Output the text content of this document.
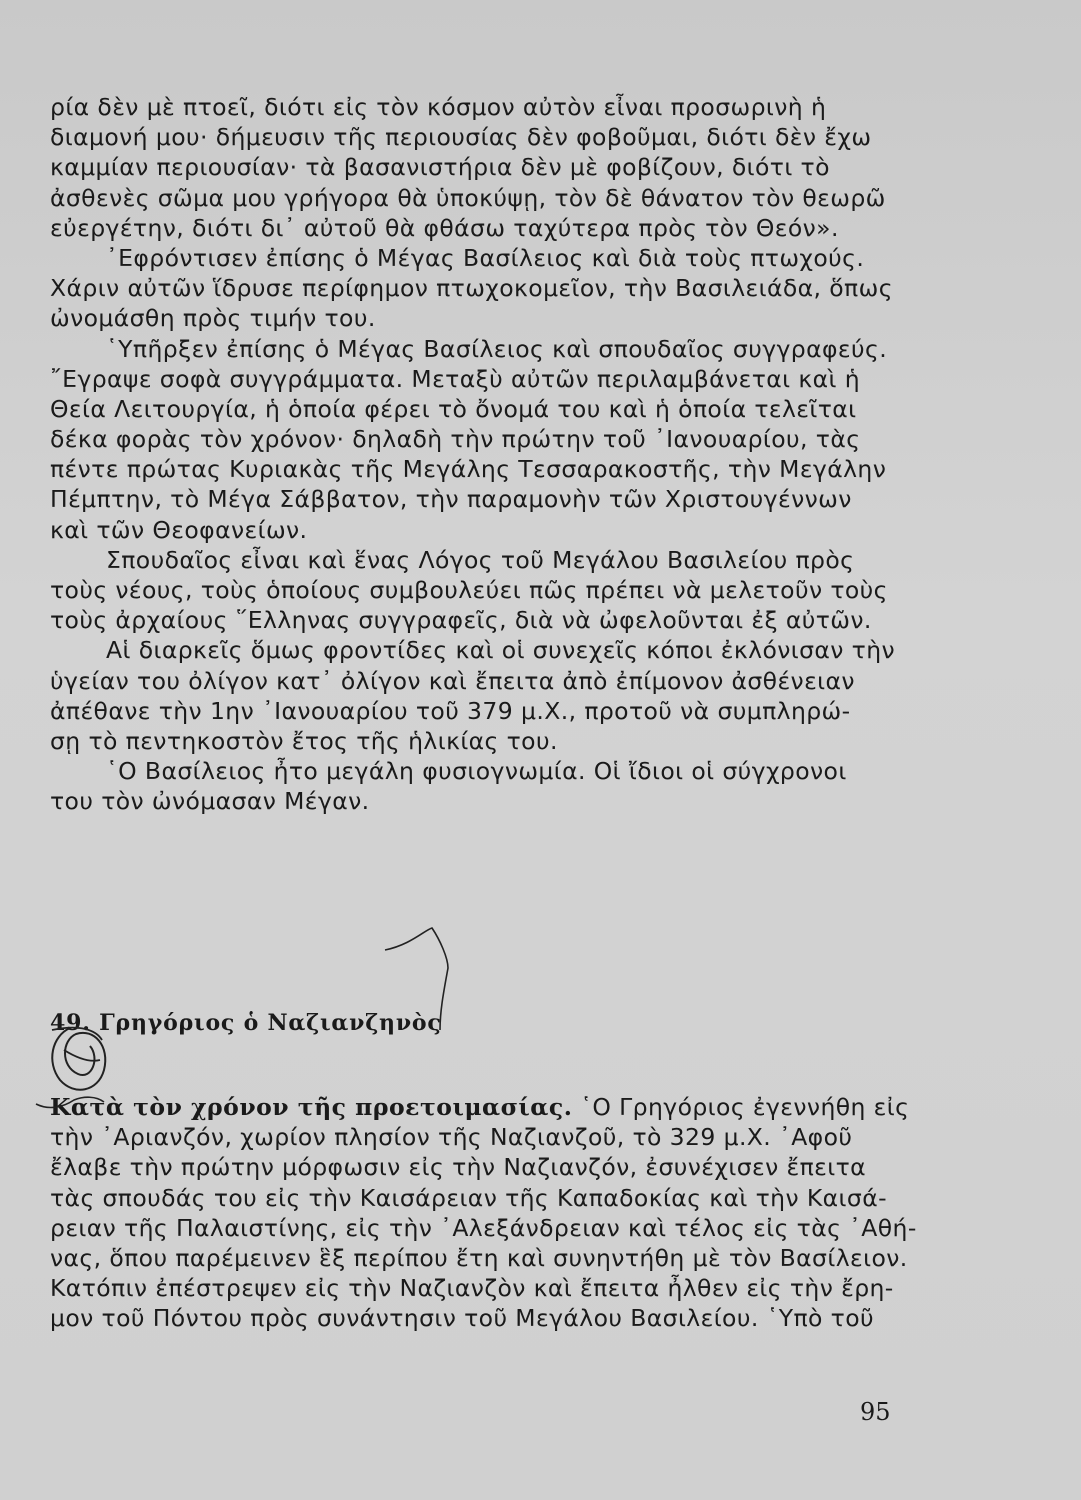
ρία δὲν μὲ πτοεῖ, διότι εἰς τὸν κόσμον αὐτὸν εἶναι προσωρινὴ ἡ
διαμονή μου· δήμευσιν τῆς περιουσίας δὲν φοβοῦμαι, διότι δὲν ἔχω
καμμίαν περιουσίαν· τὰ βασανιστήρια δὲν μὲ φοβίζουν, διότι τὸ
ἀσθενὲς σῶμα μου γρήγορα θὰ ὑποκύψῃ, τὸν δὲ θάνατον τὸν θεωρῶ
εὐεργέτην, διότι δι᾿ αὐτοῦ θὰ φθάσω ταχύτερα πρὸς τὸν Θεόν».
᾿Εφρόντισεν ἐπίσης ὁ Μέγας Βασίλειος καὶ διὰ τοὺς πτωχούς.
Χάριν αὐτῶν ἵδρυσε περίφημον πτωχοκομεῖον, τὴν Βασιλειάδα, ὅπως
ὠνομάσθη πρὸς τιμήν του.
῾Υπῆρξεν ἐπίσης ὁ Μέγας Βασίλειος καὶ σπουδαῖος συγγραφεύς.
῎Εγραψε σοφὰ συγγράμματα. Μεταξὺ αὐτῶν περιλαμβάνεται καὶ ἡ
Θεία Λειτουργία, ἡ ὁποία φέρει τὸ ὄνομά του καὶ ἡ ὁποία τελεῖται
δέκα φορὰς τὸν χρόνον· δηλαδὴ τὴν πρώτην τοῦ ᾿Ιανουαρίου, τὰς
πέντε πρώτας Κυριακὰς τῆς Μεγάλης Τεσσαρακοστῆς, τὴν Μεγάλην
Πέμπτην, τὸ Μέγα Σάββατον, τὴν παραμονὴν τῶν Χριστουγέννων
καὶ τῶν Θεοφανείων.
Σπουδαῖος εἶναι καὶ ἕνας Λόγος τοῦ Μεγάλου Βασιλείου πρὸς
τοὺς νέους, τοὺς ὁποίους συμβουλεύει πῶς πρέπει νὰ μελετοῦν τοὺς
τοὺς ἀρχαίους ῞Ελληνας συγγραφεῖς, διὰ νὰ ὠφελοῦνται ἐξ αὐτῶν.
Αἱ διαρκεῖς ὅμως φροντίδες καὶ οἱ συνεχεῖς κόποι ἐκλόνισαν τὴν
ὑγείαν του ὀλίγον κατ᾿ ὀλίγον καὶ ἔπειτα ἀπὸ ἐπίμονον ἀσθένειαν
ἀπέθανε τὴν 1ην ᾿Ιανουαρίου τοῦ 379 μ.Χ., προτοῦ νὰ συμπληρώ-
σῃ τὸ πεντηκοστὸν ἔτος τῆς ἡλικίας του.
῾Ο Βασίλειος ἦτο μεγάλη φυσιογνωμία. Οἱ ἴδιοι οἱ σύγχρονοι
του τὸν ὠνόμασαν Μέγαν.
49. Γρηγόριος ὁ Ναζιανζηνὸς
Κατὰ τὸν χρόνον τῆς προετοιμασίας. ῾Ο Γρηγόριος ἐγεννήθη εἰς
τὴν ᾿Αριανζόν, χωρίον πλησίον τῆς Ναζιανζοῦ, τὸ 329 μ.Χ. ᾿Αφοῦ
ἔλαβε τὴν πρώτην μόρφωσιν εἰς τὴν Ναζιανζόν, ἐσυνέχισεν ἔπειτα
τὰς σπουδάς του εἰς τὴν Καισάρειαν τῆς Καπαδοκίας καὶ τὴν Καισά-
ρειαν τῆς Παλαιστίνης, εἰς τὴν ᾿Αλεξάνδρειαν καὶ τέλος εἰς τὰς ᾿Αθή-
νας, ὅπου παρέμεινεν ἓξ περίπου ἔτη καὶ συνηντήθη μὲ τὸν Βασίλειον.
Κατόπιν ἐπέστρεψεν εἰς τὴν Ναζιανζὸν καὶ ἔπειτα ἦλθεν εἰς τὴν ἔρη-
μον τοῦ Πόντου πρὸς συνάντησιν τοῦ Μεγάλου Βασιλείου. ῾Υπὸ τοῦ
95
